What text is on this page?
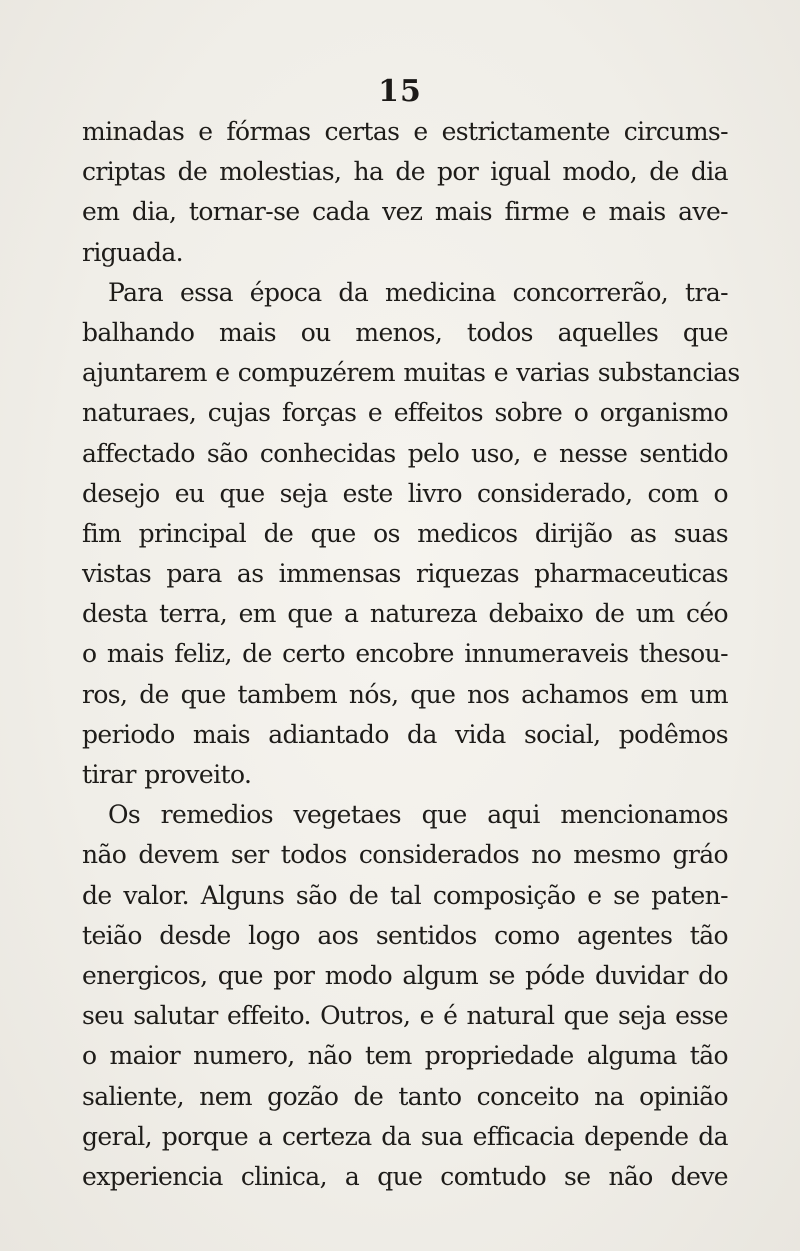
15
minadas e fórmas certas e estrictamente circums-
criptas de molestias, ha de por igual modo, de dia
em dia, tornar-se cada vez mais firme e mais ave-
riguada.
Para essa época da medicina concorrerão, tra-
balhando mais ou menos, todos aquelles que
ajuntarem e compuzérem muitas e varias substancias
naturaes, cujas forças e effeitos sobre o organismo
affectado são conhecidas pelo uso, e nesse sentido
desejo eu que seja este livro considerado, com o
fim principal de que os medicos dirijão as suas
vistas para as immensas riquezas pharmaceuticas
desta terra, em que a natureza debaixo de um céo
o mais feliz, de certo encobre innumeraveis thesou-
ros, de que tambem nós, que nos achamos em um
periodo mais adiantado da vida social, podêmos
tirar proveito.
Os remedios vegetaes que aqui mencionamos
não devem ser todos considerados no mesmo gráo
de valor. Alguns são de tal composição e se paten-
teião desde logo aos sentidos como agentes tão
energicos, que por modo algum se póde duvidar do
seu salutar effeito. Outros, e é natural que seja esse
o maior numero, não tem propriedade alguma tão
saliente, nem gozão de tanto conceito na opinião
geral, porque a certeza da sua efficacia depende da
experiencia clinica, a que comtudo se não deve
